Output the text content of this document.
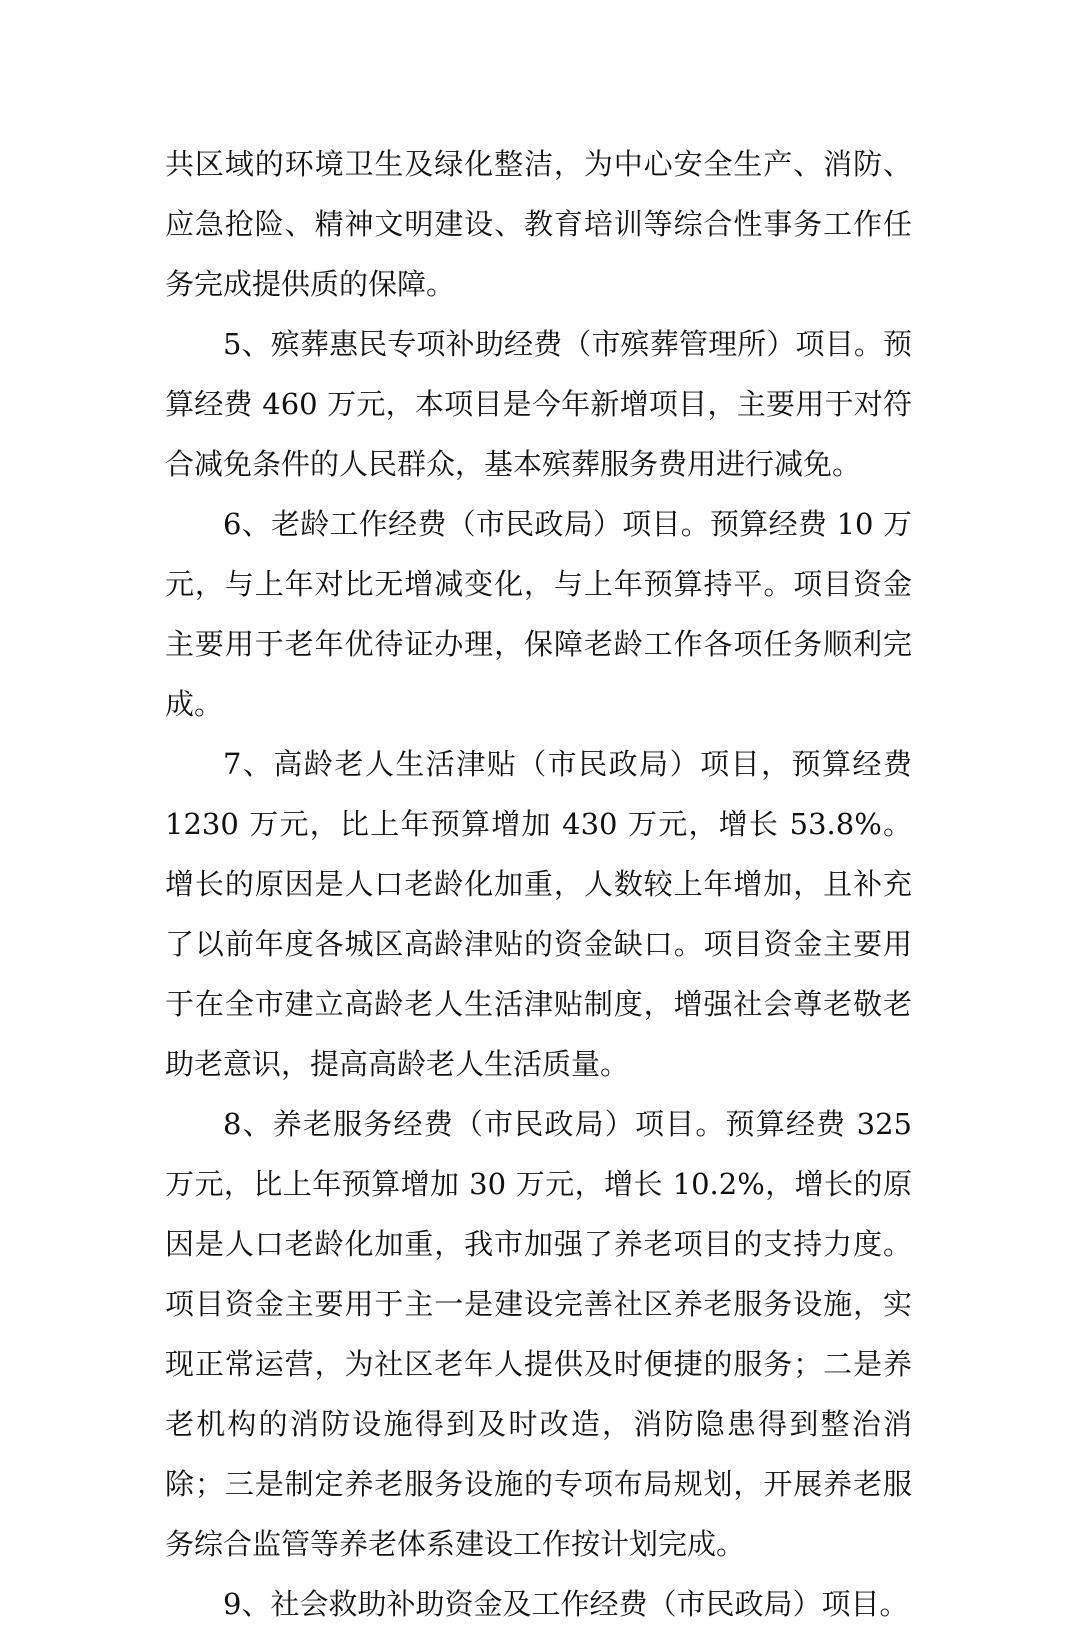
共区域的环境卫生及绿化整洁，为中心安全生产、消防、应急抢险、精神文明建设、教育培训等综合性事务工作任务完成提供质的保障。

5、殡葬惠民专项补助经费（市殡葬管理所）项目。预算经费 460 万元，本项目是今年新增项目，主要用于对符合减免条件的人民群众，基本殡葬服务费用进行减免。

6、老龄工作经费（市民政局）项目。预算经费 10 万元，与上年对比无增减变化，与上年预算持平。项目资金主要用于老年优待证办理，保障老龄工作各项任务顺利完成。

7、高龄老人生活津贴（市民政局）项目，预算经费 1230 万元，比上年预算增加 430 万元，增长 53.8%。增长的原因是人口老龄化加重，人数较上年增加，且补充了以前年度各城区高龄津贴的资金缺口。项目资金主要用于在全市建立高龄老人生活津贴制度，增强社会尊老敬老助老意识，提高高龄老人生活质量。

8、养老服务经费（市民政局）项目。预算经费 325 万元，比上年预算增加 30 万元，增长 10.2%，增长的原因是人口老龄化加重，我市加强了养老项目的支持力度。项目资金主要用于主一是建设完善社区养老服务设施，实现正常运营，为社区老年人提供及时便捷的服务；二是养老机构的消防设施得到及时改造，消防隐患得到整治消除；三是制定养老服务设施的专项布局规划，开展养老服务综合监管等养老体系建设工作按计划完成。

9、社会救助补助资金及工作经费（市民政局）项目。
